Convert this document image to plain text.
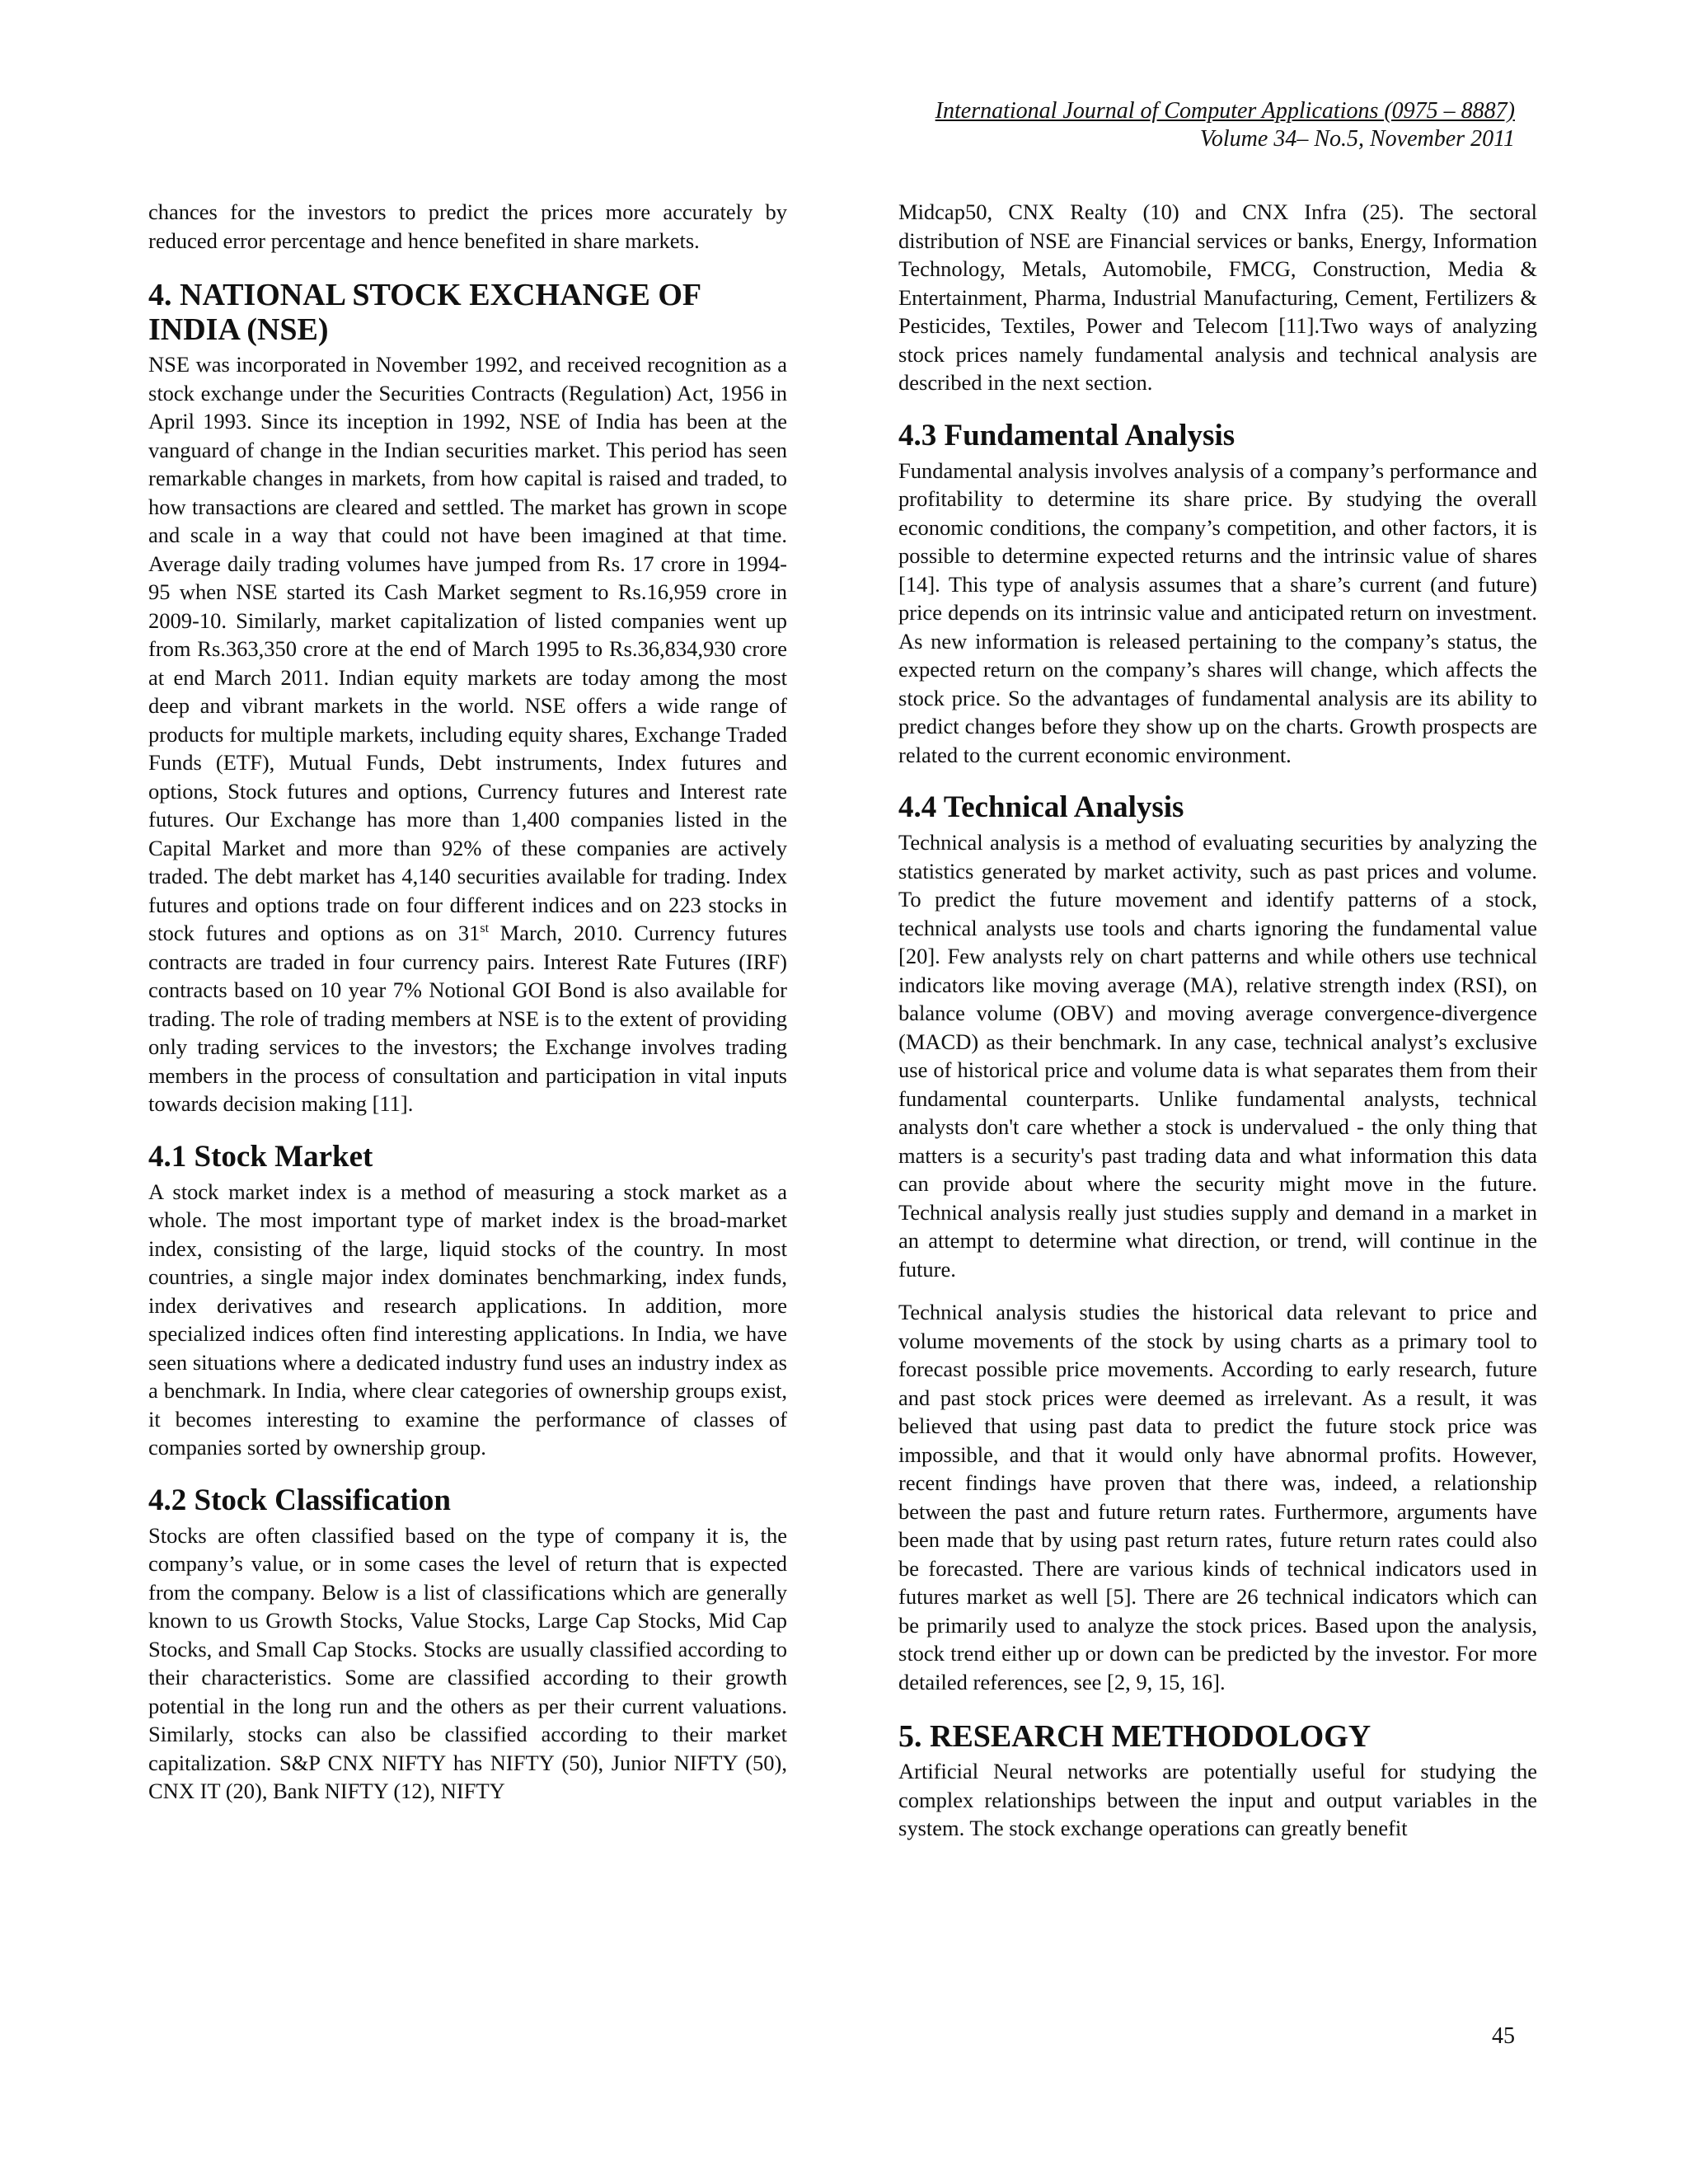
International Journal of Computer Applications (0975 – 8887)
Volume 34– No.5, November 2011

chances for the investors to predict the prices more accurately by reduced error percentage and hence benefited in share markets.

4. NATIONAL STOCK EXCHANGE OF INDIA (NSE)

NSE was incorporated in November 1992, and received recognition as a stock exchange under the Securities Contracts (Regulation) Act, 1956 in April 1993. Since its inception in 1992, NSE of India has been at the vanguard of change in the Indian securities market. This period has seen remarkable changes in markets, from how capital is raised and traded, to how transactions are cleared and settled. The market has grown in scope and scale in a way that could not have been imagined at that time. Average daily trading volumes have jumped from Rs. 17 crore in 1994-95 when NSE started its Cash Market segment to Rs.16,959 crore in 2009-10. Similarly, market capitalization of listed companies went up from Rs.363,350 crore at the end of March 1995 to Rs.36,834,930 crore at end March 2011. Indian equity markets are today among the most deep and vibrant markets in the world. NSE offers a wide range of products for multiple markets, including equity shares, Exchange Traded Funds (ETF), Mutual Funds, Debt instruments, Index futures and options, Stock futures and options, Currency futures and Interest rate futures. Our Exchange has more than 1,400 companies listed in the Capital Market and more than 92% of these companies are actively traded. The debt market has 4,140 securities available for trading. Index futures and options trade on four different indices and on 223 stocks in stock futures and options as on 31st March, 2010. Currency futures contracts are traded in four currency pairs. Interest Rate Futures (IRF) contracts based on 10 year 7% Notional GOI Bond is also available for trading. The role of trading members at NSE is to the extent of providing only trading services to the investors; the Exchange involves trading members in the process of consultation and participation in vital inputs towards decision making [11].

4.1 Stock Market

A stock market index is a method of measuring a stock market as a whole. The most important type of market index is the broad-market index, consisting of the large, liquid stocks of the country. In most countries, a single major index dominates benchmarking, index funds, index derivatives and research applications. In addition, more specialized indices often find interesting applications. In India, we have seen situations where a dedicated industry fund uses an industry index as a benchmark. In India, where clear categories of ownership groups exist, it becomes interesting to examine the performance of classes of companies sorted by ownership group.

4.2 Stock Classification

Stocks are often classified based on the type of company it is, the company’s value, or in some cases the level of return that is expected from the company. Below is a list of classifications which are generally known to us Growth Stocks, Value Stocks, Large Cap Stocks, Mid Cap Stocks, and Small Cap Stocks. Stocks are usually classified according to their characteristics. Some are classified according to their growth potential in the long run and the others as per their current valuations. Similarly, stocks can also be classified according to their market capitalization. S&P CNX NIFTY has NIFTY (50), Junior NIFTY (50), CNX IT (20), Bank NIFTY (12), NIFTY

Midcap50, CNX Realty (10) and CNX Infra (25). The sectoral distribution of NSE are Financial services or banks, Energy, Information Technology, Metals, Automobile, FMCG, Construction, Media & Entertainment, Pharma, Industrial Manufacturing, Cement, Fertilizers & Pesticides, Textiles, Power and Telecom [11].Two ways of analyzing stock prices namely fundamental analysis and technical analysis are described in the next section.

4.3 Fundamental Analysis

Fundamental analysis involves analysis of a company’s performance and profitability to determine its share price. By studying the overall economic conditions, the company’s competition, and other factors, it is possible to determine expected returns and the intrinsic value of shares [14]. This type of analysis assumes that a share’s current (and future) price depends on its intrinsic value and anticipated return on investment. As new information is released pertaining to the company’s status, the expected return on the company’s shares will change, which affects the stock price. So the advantages of fundamental analysis are its ability to predict changes before they show up on the charts. Growth prospects are related to the current economic environment.

4.4 Technical Analysis

Technical analysis is a method of evaluating securities by analyzing the statistics generated by market activity, such as past prices and volume. To predict the future movement and identify patterns of a stock, technical analysts use tools and charts ignoring the fundamental value [20]. Few analysts rely on chart patterns and while others use technical indicators like moving average (MA), relative strength index (RSI), on balance volume (OBV) and moving average convergence-divergence (MACD) as their benchmark. In any case, technical analyst’s exclusive use of historical price and volume data is what separates them from their fundamental counterparts. Unlike fundamental analysts, technical analysts don't care whether a stock is undervalued - the only thing that matters is a security's past trading data and what information this data can provide about where the security might move in the future. Technical analysis really just studies supply and demand in a market in an attempt to determine what direction, or trend, will continue in the future.

Technical analysis studies the historical data relevant to price and volume movements of the stock by using charts as a primary tool to forecast possible price movements. According to early research, future and past stock prices were deemed as irrelevant. As a result, it was believed that using past data to predict the future stock price was impossible, and that it would only have abnormal profits. However, recent findings have proven that there was, indeed, a relationship between the past and future return rates. Furthermore, arguments have been made that by using past return rates, future return rates could also be forecasted. There are various kinds of technical indicators used in futures market as well [5]. There are 26 technical indicators which can be primarily used to analyze the stock prices. Based upon the analysis, stock trend either up or down can be predicted by the investor. For more detailed references, see [2, 9, 15, 16].

5. RESEARCH METHODOLOGY

Artificial Neural networks are potentially useful for studying the complex relationships between the input and output variables in the system. The stock exchange operations can greatly benefit

45
